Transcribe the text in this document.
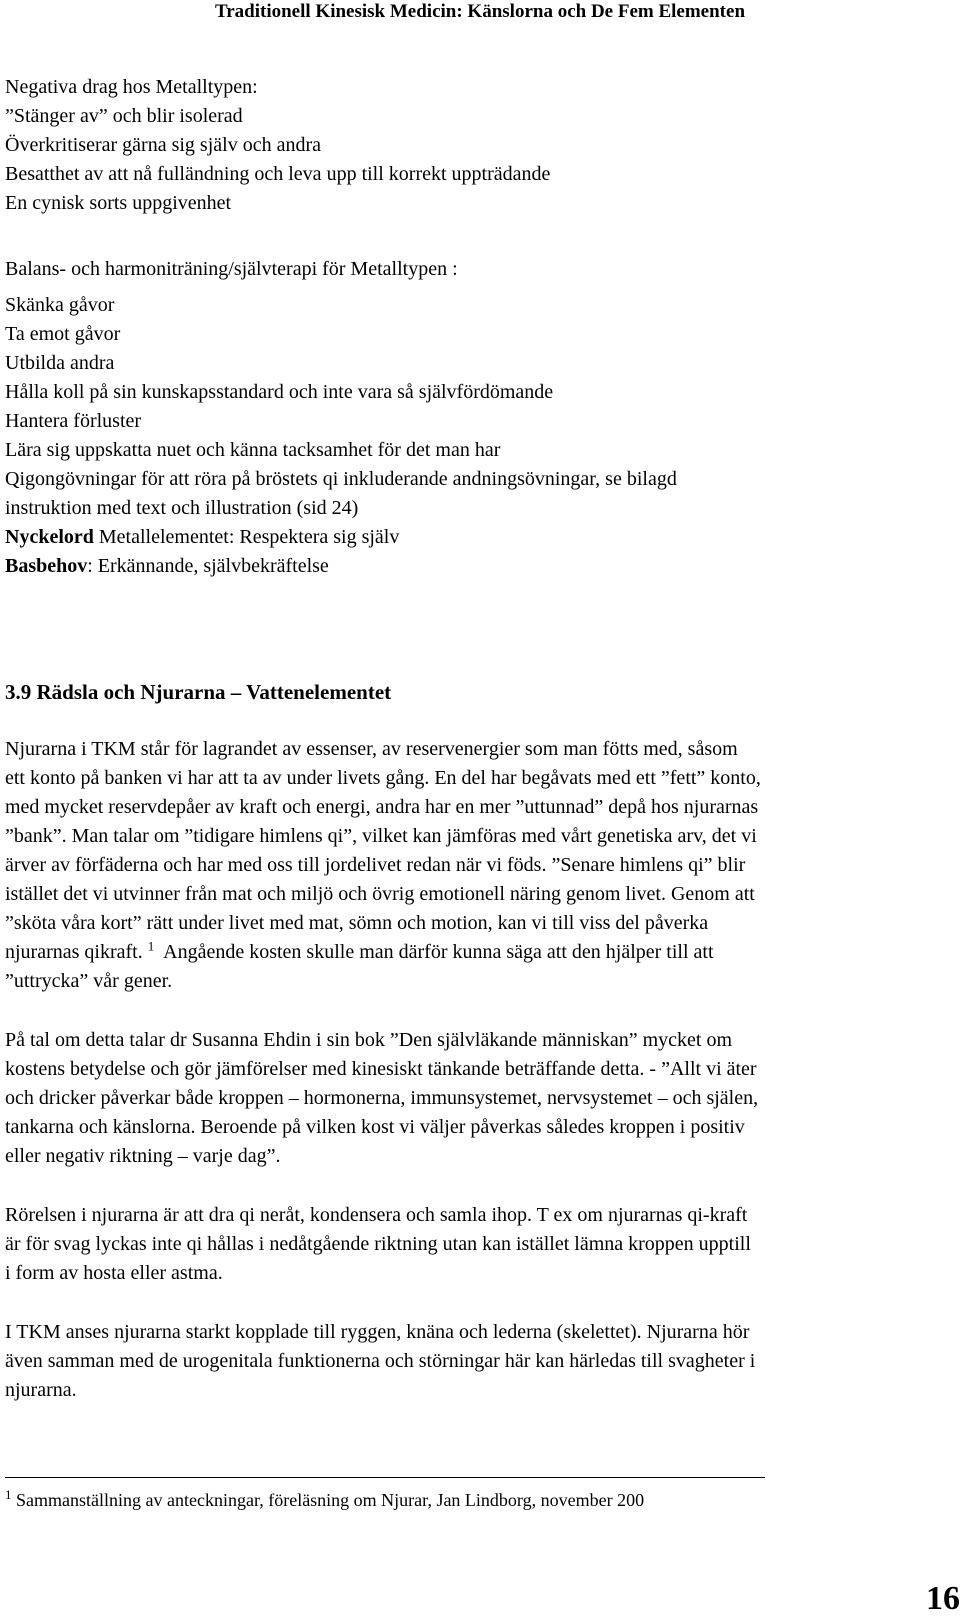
Traditionell Kinesisk Medicin: Känslorna och De Fem Elementen
Negativa drag hos Metalltypen:
”Stänger av” och blir isolerad
Överkritiserar gärna sig själv och andra
Besatthet av att nå fulländning och leva upp till korrekt uppträdande
En cynisk sorts uppgivenhet
Balans- och harmoniträning/självterapi för Metalltypen :
Skänka gåvor
Ta emot gåvor
Utbilda andra
Hålla koll på sin kunskapsstandard och inte vara så självfördömande
Hantera förluster
Lära sig uppskatta nuet och känna tacksamhet för det man har
Qigongövningar för att röra på bröstets qi inkluderande andningsövningar, se bilagd
instruktion med text och illustration (sid 24)
Nyckelord Metallelementet: Respektera sig själv
Basbehov: Erkännande, självbekräftelse
3.9 Rädsla och Njurarna – Vattenelementet
Njurarna i TKM står för lagrandet av essenser, av reservenergier som man fötts med, såsom
ett konto på banken vi har att ta av under livets gång. En del har begåvats med ett ”fett” konto,
med mycket reservdepåer av kraft och energi, andra har en mer ”uttunnad” depå hos njurarnas
”bank”. Man talar om ”tidigare himlens qi”, vilket kan jämföras med vårt genetiska arv, det vi
ärver av förfäderna och har med oss till jordelivet redan när vi föds. ”Senare himlens qi” blir
istället det vi utvinner från mat och miljö och övrig emotionell näring genom livet. Genom att
”sköta våra kort” rätt under livet med mat, sömn och motion, kan vi till viss del påverka
njurarnas qikraft. $^1$  Angående kosten skulle man därför kunna säga att den hjälper till att
”uttrycka” vår gener.
På tal om detta talar dr Susanna Ehdin i sin bok ”Den självläkande människan” mycket om
kostens betydelse och gör jämförelser med kinesiskt tänkande beträffande detta. - ”Allt vi äter
och dricker påverkar både kroppen – hormonerna, immunsystemet, nervsystemet – och själen,
tankarna och känslorna. Beroende på vilken kost vi väljer påverkas således kroppen i positiv
eller negativ riktning – varje dag”.
Rörelsen i njurarna är att dra qi neråt, kondensera och samla ihop. T ex om njurarnas qi-kraft
är för svag lyckas inte qi hållas i nedåtgående riktning utan kan istället lämna kroppen upptill
i form av hosta eller astma.
I TKM anses njurarna starkt kopplade till ryggen, knäna och lederna (skelettet). Njurarna hör
även samman med de urogenitala funktionerna och störningar här kan härledas till svagheter i
njurarna.
$^1$ Sammanställning av anteckningar, föreläsning om Njurar, Jan Lindborg, november 200
16
